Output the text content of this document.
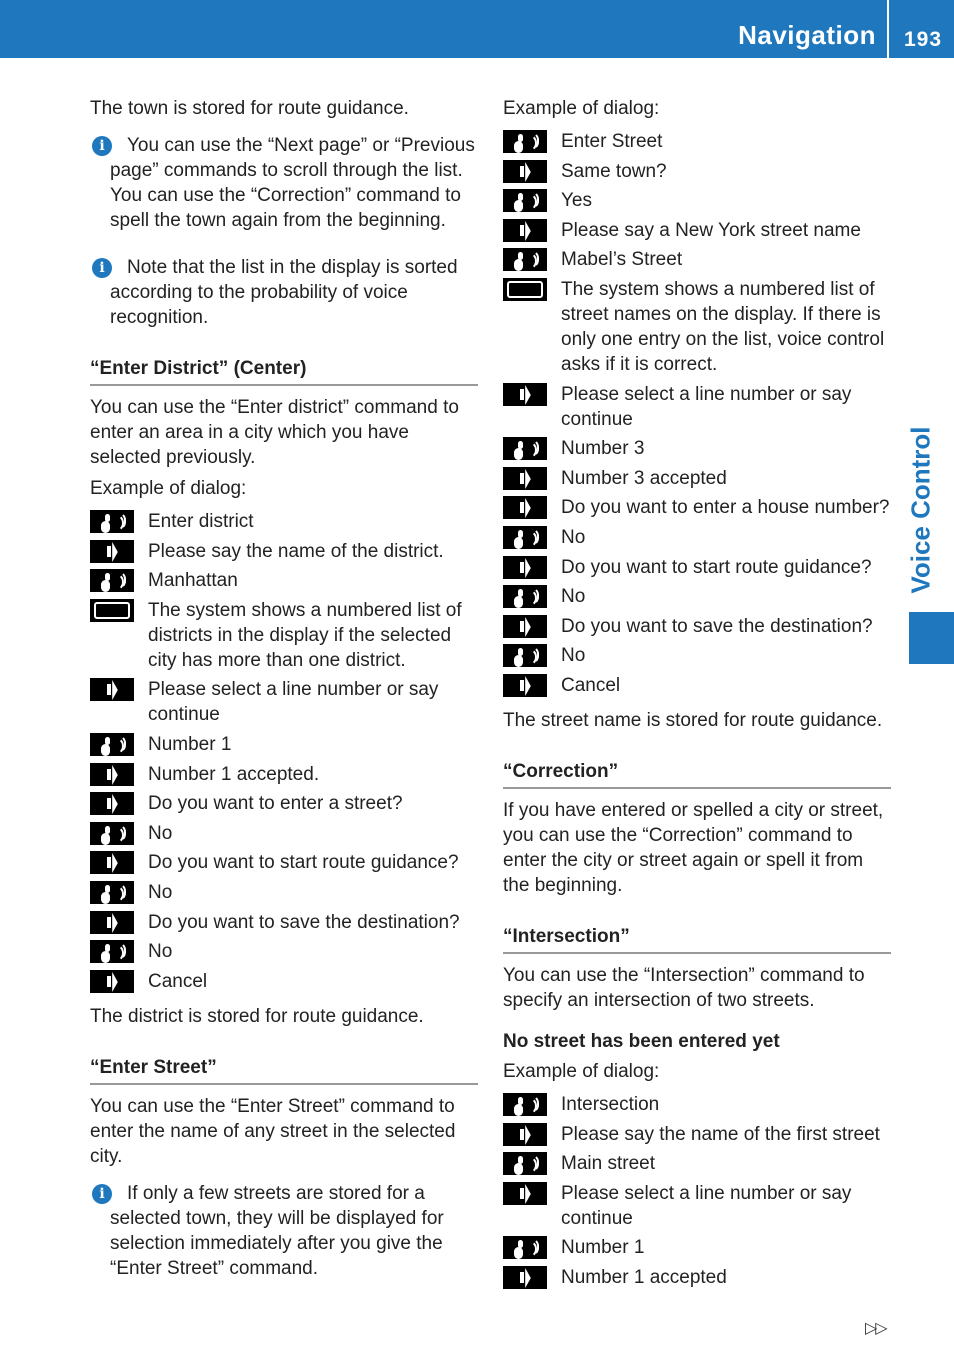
Navigation 193
Voice Control
The town is stored for route guidance.
i	You can use the “Next page” or “Previous page” commands to scroll through the list. You can use the “Correction” command to spell the town again from the beginning.
i	Note that the list in the display is sorted according to the probability of voice recognition.
“Enter District” (Center)
You can use the “Enter district” command to enter an area in a city which you have selected previously.
Example of dialog:
Enter district
Please say the name of the district.
Manhattan
The system shows a numbered list of districts in the display if the selected city has more than one district.
Please select a line number or say continue
Number 1
Number 1 accepted.
Do you want to enter a street?
No
Do you want to start route guidance?
No
Do you want to save the destination?
No
Cancel
The district is stored for route guidance.
“Enter Street”
You can use the “Enter Street” command to enter the name of any street in the selected city.
i	If only a few streets are stored for a selected town, they will be displayed for selection immediately after you give the “Enter Street” command.
Example of dialog:
Enter Street
Same town?
Yes
Please say a New York street name
Mabel’s Street
The system shows a numbered list of street names on the display. If there is only one entry on the list, voice control asks if it is correct.
Please select a line number or say continue
Number 3
Number 3 accepted
Do you want to enter a house number?
No
Do you want to start route guidance?
No
Do you want to save the destination?
No
Cancel
The street name is stored for route guidance.
“Correction”
If you have entered or spelled a city or street, you can use the “Correction” command to enter the city or street again or spell it from the beginning.
“Intersection”
You can use the “Intersection” command to specify an intersection of two streets.
No street has been entered yet
Example of dialog:
Intersection
Please say the name of the first street
Main street
Please select a line number or say continue
Number 1
Number 1 accepted
▷▷
